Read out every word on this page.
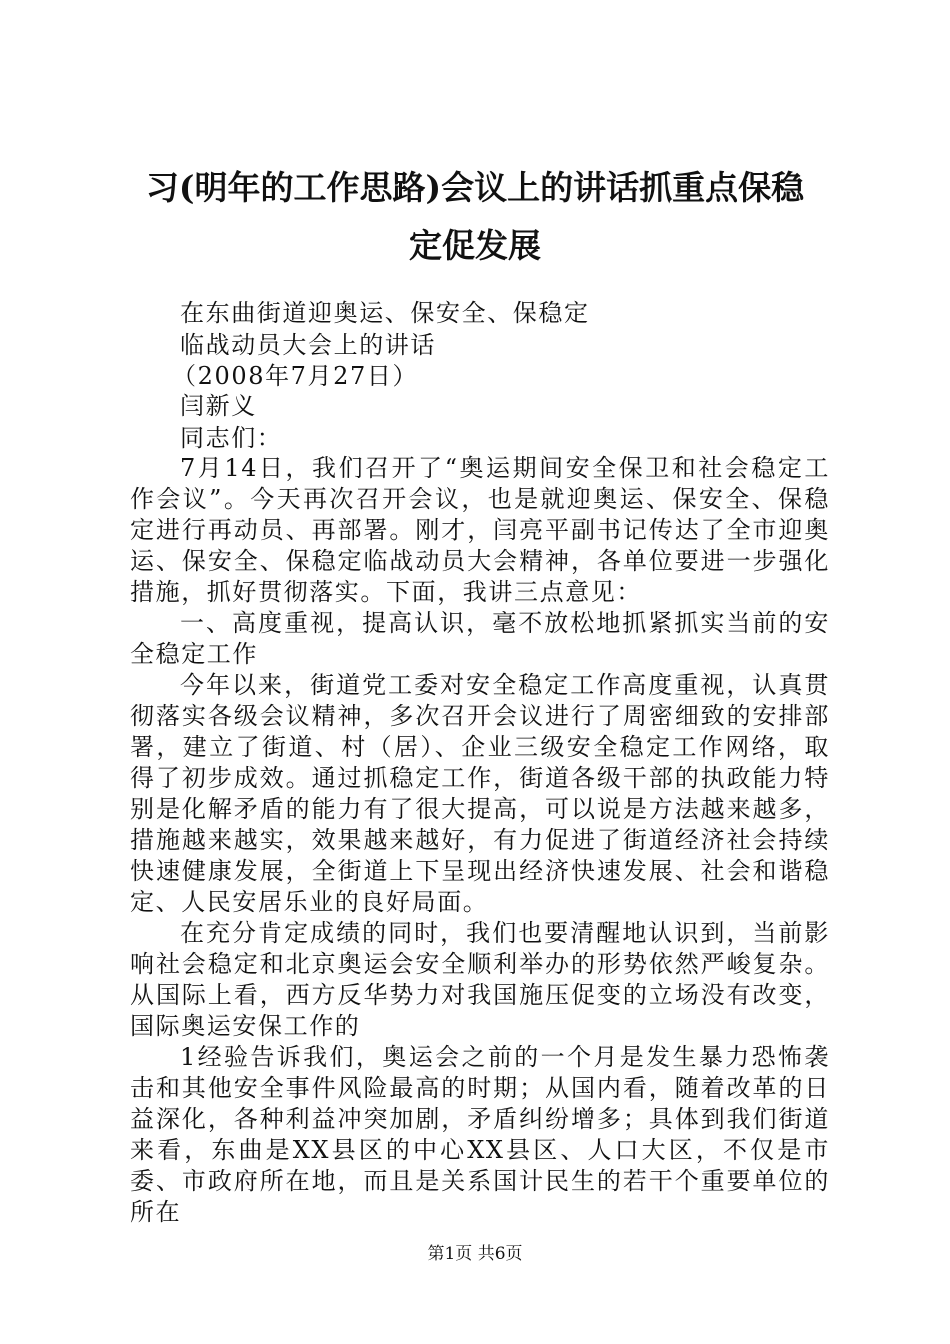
习(明年的工作思路)会议上的讲话抓重点保稳
定促发展
在东曲街道迎奥运、保安全、保稳定
临战动员大会上的讲话
（2008年7月27日）
闫新义
同志们：

7月14日，我们召开了“奥运期间安全保卫和社会稳定工作会议”。今天再次召开会议，也是就迎奥运、保安全、保稳定进行再动员、再部署。刚才，闫亮平副书记传达了全市迎奥运、保安全、保稳定临战动员大会精神，各单位要进一步强化措施，抓好贯彻落实。下面，我讲三点意见：

一、高度重视，提高认识，毫不放松地抓紧抓实当前的安全稳定工作

今年以来，街道党工委对安全稳定工作高度重视，认真贯彻落实各级会议精神，多次召开会议进行了周密细致的安排部署，建立了街道、村（居）、企业三级安全稳定工作网络，取得了初步成效。通过抓稳定工作，街道各级干部的执政能力特别是化解矛盾的能力有了很大提高，可以说是方法越来越多，措施越来越实，效果越来越好，有力促进了街道经济社会持续快速健康发展，全街道上下呈现出经济快速发展、社会和谐稳定、人民安居乐业的良好局面。

在充分肯定成绩的同时，我们也要清醒地认识到，当前影响社会稳定和北京奥运会安全顺利举办的形势依然严峻复杂。从国际上看，西方反华势力对我国施压促变的立场没有改变，国际奥运安保工作的

1经验告诉我们，奥运会之前的一个月是发生暴力恐怖袭击和其他安全事件风险最高的时期；从国内看，随着改革的日益深化，各种利益冲突加剧，矛盾纠纷增多；具体到我们街道来看，东曲是XX县区的中心XX县区、人口大区，不仅是市委、市政府所在地，而且是关系国计民生的若干个重要单位的所在

第1页 共6页
